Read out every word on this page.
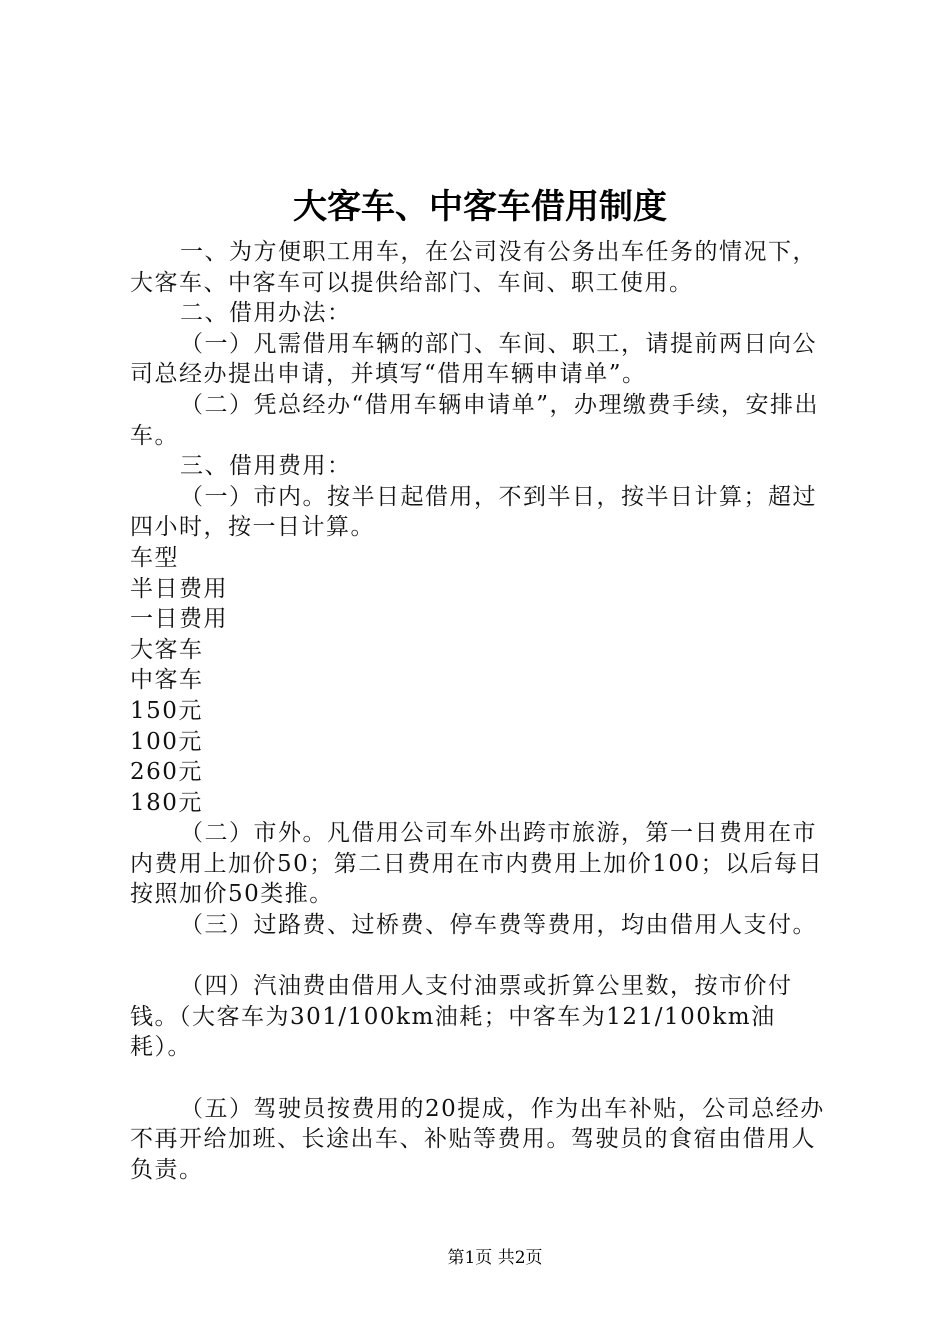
大客车、中客车借用制度

一、为方便职工用车，在公司没有公务出车任务的情况下，大客车、中客车可以提供给部门、车间、职工使用。

二、借用办法：

（一）凡需借用车辆的部门、车间、职工，请提前两日向公司总经办提出申请，并填写“借用车辆申请单”。

（二）凭总经办“借用车辆申请单”，办理缴费手续，安排出

车。

三、借用费用：

（一）市内。按半日起借用，不到半日，按半日计算；超过四小时，按一日计算。

车型

半日费用

一日费用

大客车

中客车

150元

100元

260元

180元

（二）市外。凡借用公司车外出跨市旅游，第一日费用在市内费用上加价50；第二日费用在市内费用上加价100；以后每日按照加价50类推。

（三）过路费、过桥费、停车费等费用，均由借用人支付。

（四）汽油费由借用人支付油票或折算公里数，按市价付钱。（大客车为301/100km油耗；中客车为121/100km油耗）。

（五）驾驶员按费用的20提成，作为出车补贴，公司总经办不再开给加班、长途出车、补贴等费用。驾驶员的食宿由借用人负责。

第1页 共2页
